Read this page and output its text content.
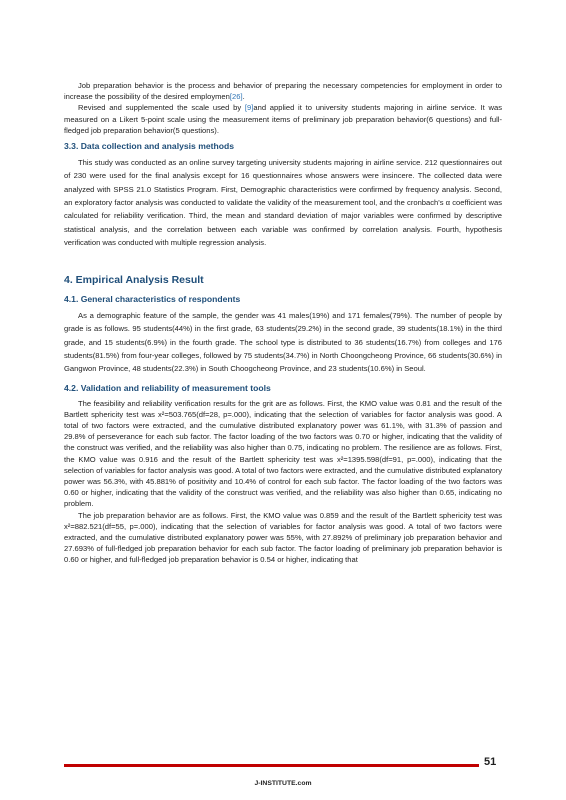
Job preparation behavior is the process and behavior of preparing the necessary competencies for employment in order to increase the possibility of the desired employmen[26].

Revised and supplemented the scale used by [9]and applied it to university students majoring in airline service. It was measured on a Likert 5-point scale using the measurement items of preliminary job preparation behavior(6 questions) and full-fledged job preparation behavior(5 questions).

3.3. Data collection and analysis methods

This study was conducted as an online survey targeting university students majoring in airline service. 212 questionnaires out of 230 were used for the final analysis except for 16 questionnaires whose answers were insincere. The collected data were analyzed with SPSS 21.0 Statistics Program. First, Demographic characteristics were confirmed by frequency analysis. Second, an exploratory factor analysis was conducted to validate the validity of the measurement tool, and the cronbach's α coefficient was calculated for reliability verification. Third, the mean and standard deviation of major variables were confirmed by descriptive statistical analysis, and the correlation between each variable was confirmed by correlation analysis. Fourth, hypothesis verification was conducted with multiple regression analysis.

4. Empirical Analysis Result
4.1. General characteristics of respondents

As a demographic feature of the sample, the gender was 41 males(19%) and 171 females(79%). The number of people by grade is as follows. 95 students(44%) in the first grade, 63 students(29.2%) in the second grade, 39 students(18.1%) in the third grade, and 15 students(6.9%) in the fourth grade. The school type is distributed to 36 students(16.7%) from colleges and 176 students(81.5%) from four-year colleges, followed by 75 students(34.7%) in North Choongcheong Province, 66 students(30.6%) in Gangwon Province, 48 students(22.3%) in South Choogcheong Province, and 23 students(10.6%) in Seoul.

4.2. Validation and reliability of measurement tools

The feasibility and reliability verification results for the grit are as follows. First, the KMO value was 0.81 and the result of the Bartlett sphericity test was x²=503.765(df=28, p=.000), indicating that the selection of variables for factor analysis was good. A total of two factors were extracted, and the cumulative distributed explanatory power was 61.1%, with 31.3% of passion and 29.8% of perseverance for each sub factor. The factor loading of the two factors was 0.70 or higher, indicating that the validity of the construct was verified, and the reliability was also higher than 0.75, indicating no problem. The resilience are as follows. First, the KMO value was 0.916 and the result of the Bartlett sphericity test was x²=1395.598(df=91, p=.000), indicating that the selection of variables for factor analysis was good. A total of two factors were extracted, and the cumulative distributed explanatory power was 56.3%, with 45.881% of positivity and 10.4% of control for each sub factor. The factor loading of the two factors was 0.60 or higher, indicating that the validity of the construct was verified, and the reliability was also higher than 0.65, indicating no problem.

The job preparation behavior are as follows. First, the KMO value was 0.859 and the result of the Bartlett sphericity test was x²=882.521(df=55, p=.000), indicating that the selection of variables for factor analysis was good. A total of two factors were extracted, and the cumulative distributed explanatory power was 55%, with 27.892% of preliminary job preparation behavior and 27.693% of full-fledged job preparation behavior for each sub factor. The factor loading of preliminary job preparation behavior is 0.60 or higher, and full-fledged job preparation behavior is 0.54 or higher, indicating that

51
J-INSTITUTE.com
